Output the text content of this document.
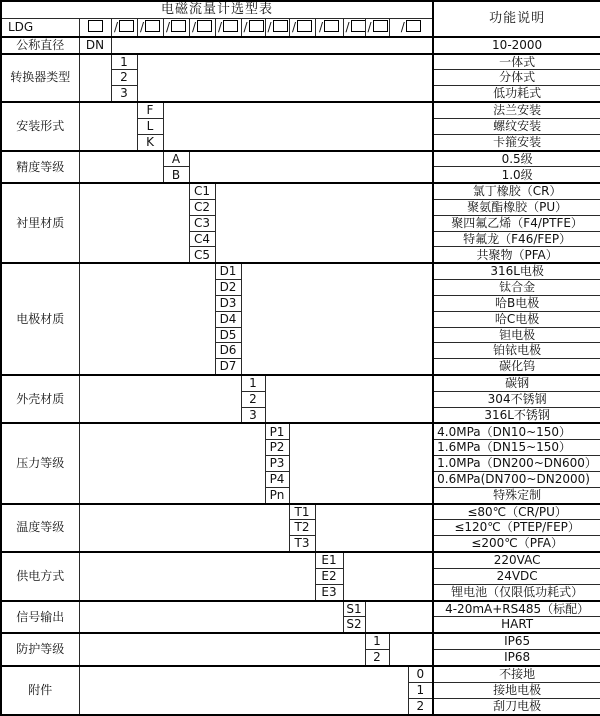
电磁流量计选型表															功能说明
LDG		/	/	/	/	/	/	/	/	/	/	/	/		
公称直径	DN														10-2000
转换器类型		1													一体式
		2													分体式
		3													低功耗式
安装形式			F												法兰安装
			L												螺纹安装
			K												卡箍安装
精度等级				A											0.5级
				B											1.0级
衬里材质					C1										氯丁橡胶（CR）
					C2										聚氨酯橡胶（PU）
					C3										聚四氟乙烯（F4/PTFE）
					C4										特氟龙（F46/FEP）
					C5										共聚物（PFA）
电极材质						D1									316L电极
						D2									钛合金
						D3									哈B电极
						D4									哈C电极
						D5									钽电极
						D6									铂铱电极
						D7									碳化钨
外壳材质							1								碳钢
							2								304不锈钢
							3								316L不锈钢
压力等级								P1							4.0MPa（DN10~150）
								P2							1.6MPa（DN15~150）
								P3							1.0MPa（DN200~DN600）
								P4							0.6MPa(DN700~DN2000)
								Pn							特殊定制
温度等级									T1						≤80℃（CR/PU）
									T2						≤120℃（PTEP/FEP）
									T3						≤200℃（PFA）
供电方式										E1					220VAC
										E2					24VDC
										E3					锂电池（仅限低功耗式）
信号输出											S1				4-20mA+RS485（标配）
											S2				HART
防护等级												1			IP65
												2			IP68
附件														0	不接地
														1	接地电极
														2	刮刀电极
